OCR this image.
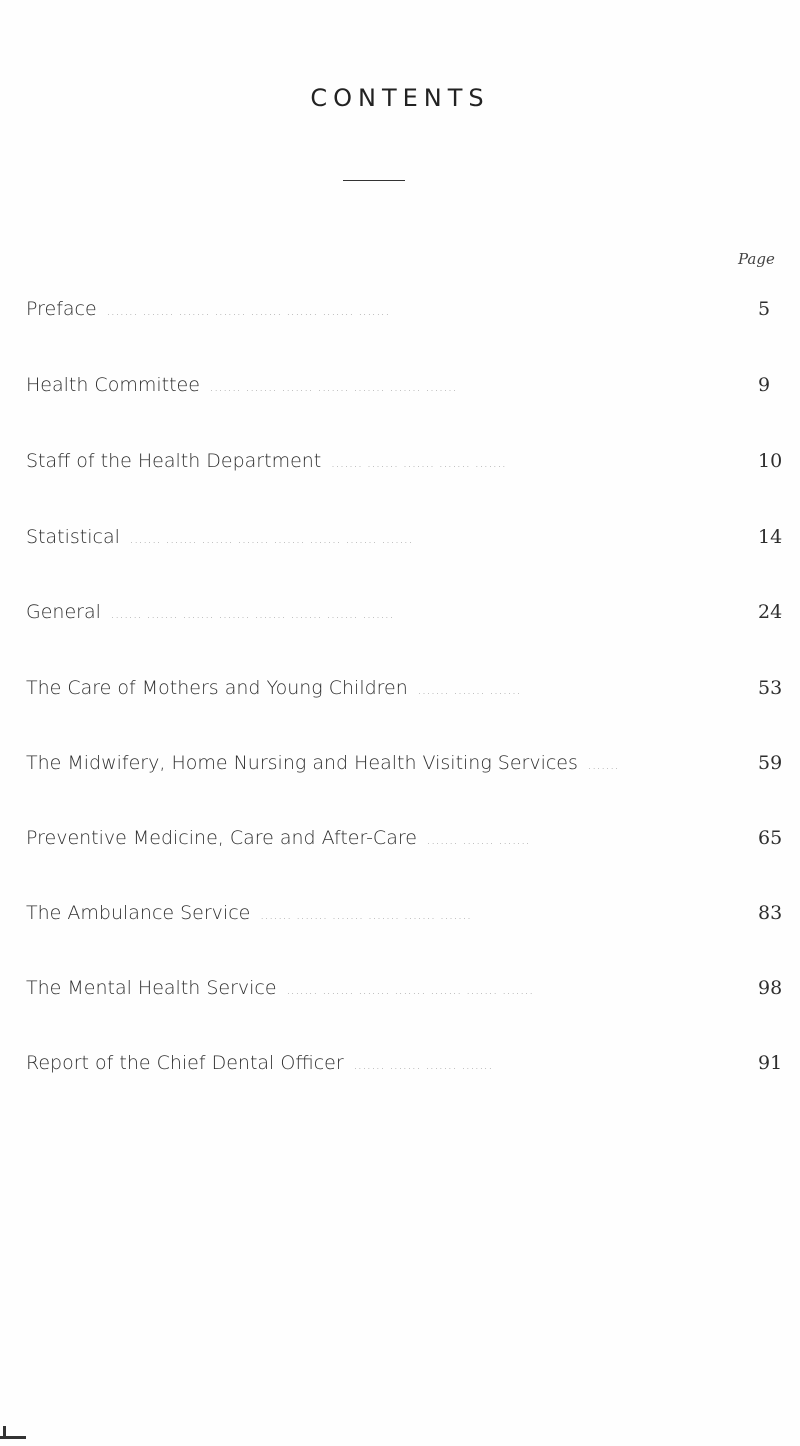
CONTENTS
Page
Preface ....... ....... ....... ....... ....... ....... ....... .......	5
Health Committee ....... ....... ....... ....... ....... ....... .......	9
Staff of the Health Department ....... ....... ....... ....... .......	10
Statistical ....... ....... ....... ....... ....... ....... ....... .......	14
General ....... ....... ....... ....... ....... ....... ....... .......	24
The Care of Mothers and Young Children ....... ....... .......	53
The Midwifery, Home Nursing and Health Visiting Services .......	59
Preventive Medicine, Care and After-Care ....... ....... .......	65
The Ambulance Service ....... ....... ....... ....... ....... .......	83
The Mental Health Service ....... ....... ....... ....... ....... ....... .......	98
Report of the Chief Dental Officer ....... ....... ....... .......	91
